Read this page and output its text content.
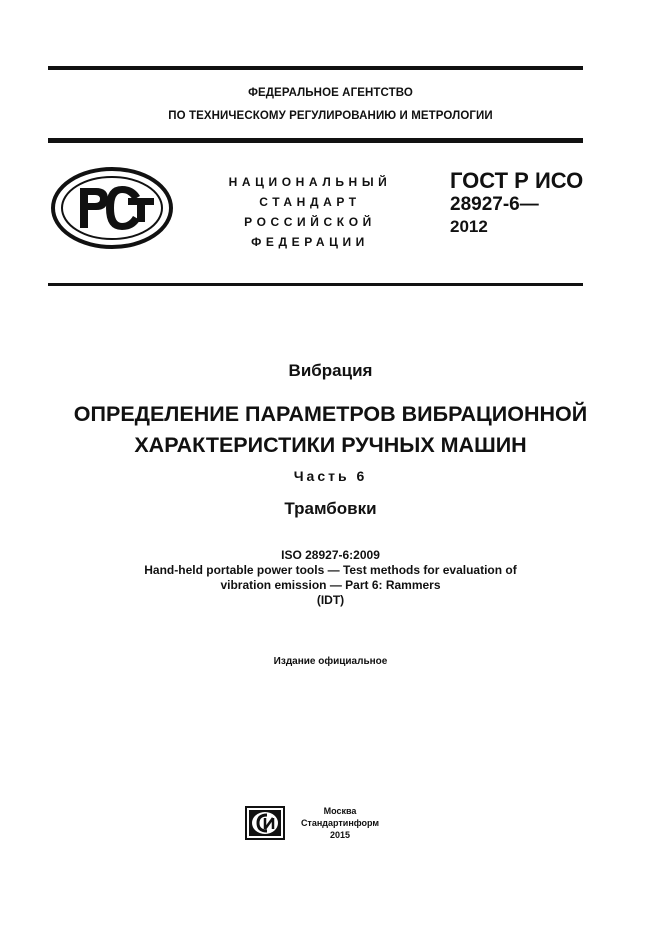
ФЕДЕРАЛЬНОЕ АГЕНТСТВО
ПО ТЕХНИЧЕСКОМУ РЕГУЛИРОВАНИЮ И МЕТРОЛОГИИ
НАЦИОНАЛЬНЫЙ
СТАНДАРТ
РОССИЙСКОЙ
ФЕДЕРАЦИИ
ГОСТ Р ИСО
28927-6—
2012
Вибрация
ОПРЕДЕЛЕНИЕ ПАРАМЕТРОВ ВИБРАЦИОННОЙ
ХАРАКТЕРИСТИКИ РУЧНЫХ МАШИН
Часть 6
Трамбовки
ISO 28927-6:2009
Hand-held portable power tools — Test methods for evaluation of
vibration emission — Part 6: Rammers
(IDT)
Издание официальное
Москва
Стандартинформ
2015
